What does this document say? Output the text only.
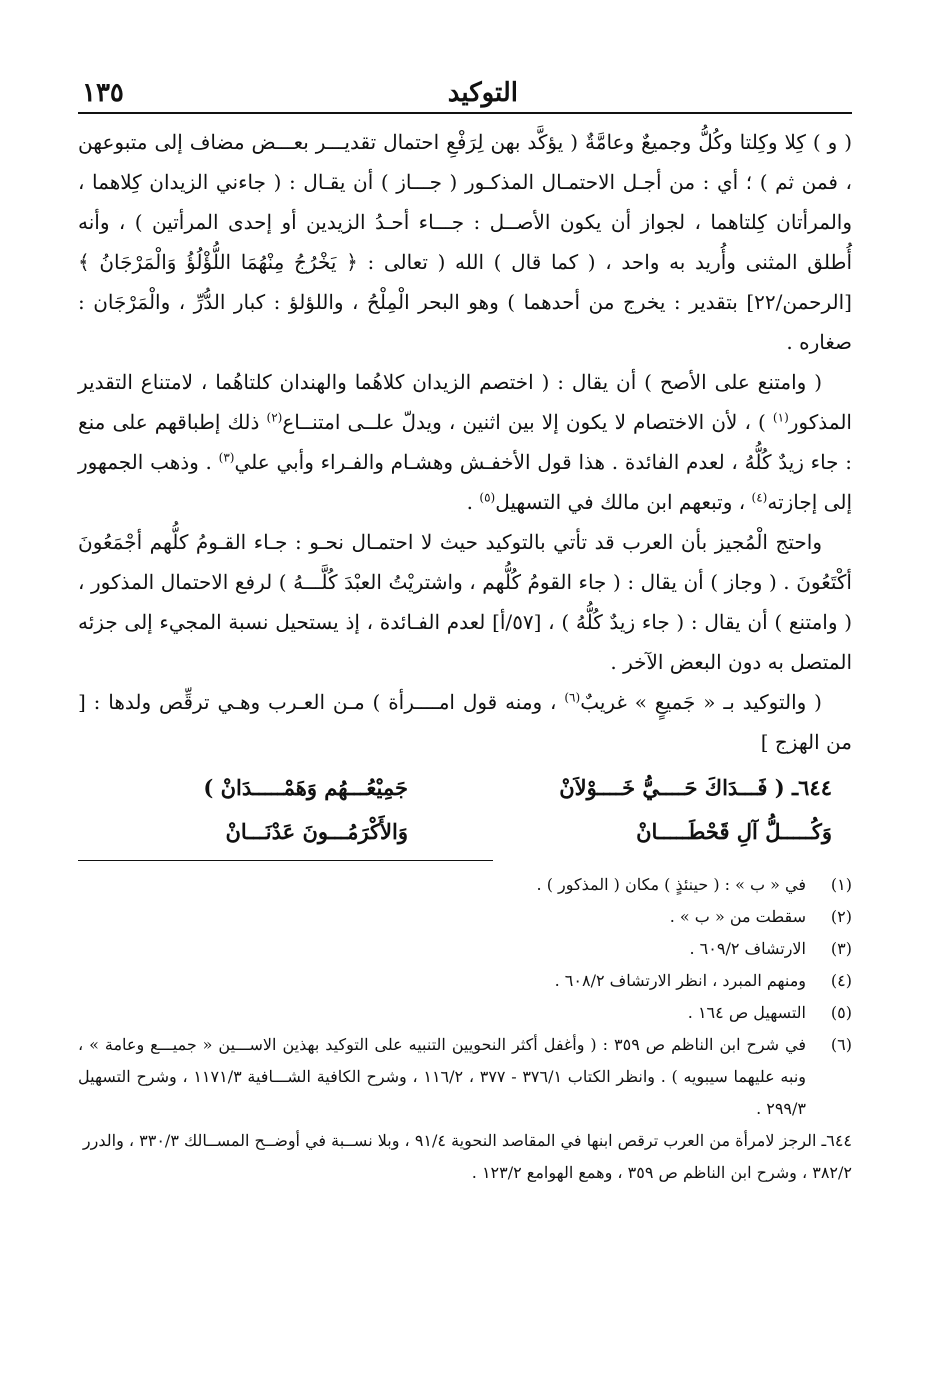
التوكيد
١٣٥

( و ) كِلا وكِلتا وكُلُّ وجميعٌ وعامَّةٌ ( يؤكَّد بهن لِرَفْعِ احتمال تقديـــر بعـــض مضاف إلى متبوعهن ، فمن ثم ) ؛ أي : من أجـل الاحتمـال المذكـور ( جـــاز ) أن يقـال : ( جاءني الزيدان كِلاهما ، والمرأتان كِلتاهما ، لجواز أن يكون الأصــل : جـــاء أحـدُ الزيدين أو إحدى المرأتين ) ، وأنه أُطلق المثنى وأُريد به واحد ، ( كما قال ) الله ( تعالى : ﴿ يَخْرُجُ مِنْهُمَا اللُّؤْلُؤُ وَالْمَرْجَانُ ﴾ [الرحمن/٢٢] بتقدير : يخرج من أحدهما ) وهو البحر الْمِلْحُ ، واللؤلؤ : كبار الدُّرِّ ، والْمَرْجَان : صغاره .

( وامتنع على الأصح ) أن يقال : ( اختصم الزيدان كلاهُما والهندان كلتاهُما ، لامتناع التقدير المذكور$^{(١)}$ ) ، لأن الاختصام لا يكون إلا بين اثنين ، ويدلّ علــى امتنــاع$^{(٢)}$ ذلك إطباقهم على منع : جاء زيدٌ كُلُّهُ ، لعدم الفائدة . هذا قول الأخفـش وهشـام والفـراء وأبي علي$^{(٣)}$ . وذهب الجمهور إلى إجازته$^{(٤)}$ ، وتبعهم ابن مالك في التسهيل$^{(٥)}$ .

واحتج الْمُجيز بأن العرب قد تأتي بالتوكيد حيث لا احتمـال نحـو : جـاء القـومُ كلُّهم أجْمَعُونَ أكْتَعُونَ . ( وجاز ) أن يقال : ( جاء القومُ كُلُّهم ، واشتريْتُ العبْدَ كُلَّـــهُ ) لرفع الاحتمال المذكور ، ( وامتنع ) أن يقال : ( جاء زيدٌ كُلُّهُ ) ، [٥٧/أ] لعدم الفـائدة ، إذ يستحيل نسبة المجيء إلى جزئه المتصل به دون البعض الآخر .

( والتوكيد بـ « جَميعٍ » غريبٌ$^{(٦)}$ ، ومنه قول امــــرأة ) مـن العـرب وهـي ترقِّص ولدها : [ من الهزج ]

٦٤٤ـ ( فَـــدَاكَ حَــــيُّ خَــــوْلاَنْ
جَمِيْعُـــهُم وَهَمْـــــدَانْ )
وَكُـــــلُّ آلِ قَحْطَـــــانْ
وَالأَكْرَمُـــونَ عَدْنَـــانْ
(١)
في « ب » : ( حينئذٍ ) مكان ( المذكور ) .
(٢)
سقطت من « ب » .
(٣)
الارتشاف ٦٠٩/٢ .
(٤)
ومنهم المبرد ، انظر الارتشاف ٦٠٨/٢ .
(٥)
التسهيل ص ١٦٤ .
(٦)
في شرح ابن الناظم ص ٣٥٩ : ( وأغفل أكثر النحويين التنبيه على التوكيد بهذين الاســـين « جميـــع وعامة » ، ونبه عليهما سيبويه ) . وانظر الكتاب ٣٧٦/١ - ٣٧٧ ، ١١٦/٢ ، وشرح الكافية الشـــافية ١١٧١/٣ ، وشرح التسهيل ٢٩٩/٣ .
٦٤٤ـ الرجز لامرأة من العرب ترقص ابنها في المقاصد النحوية ٩١/٤ ، وبلا نســبة في أوضــح المســالك ٣٣٠/٣ ، والدرر ٣٨٢/٢ ، وشرح ابن الناظم ص ٣٥٩ ، وهمع الهوامع ١٢٣/٢ .
